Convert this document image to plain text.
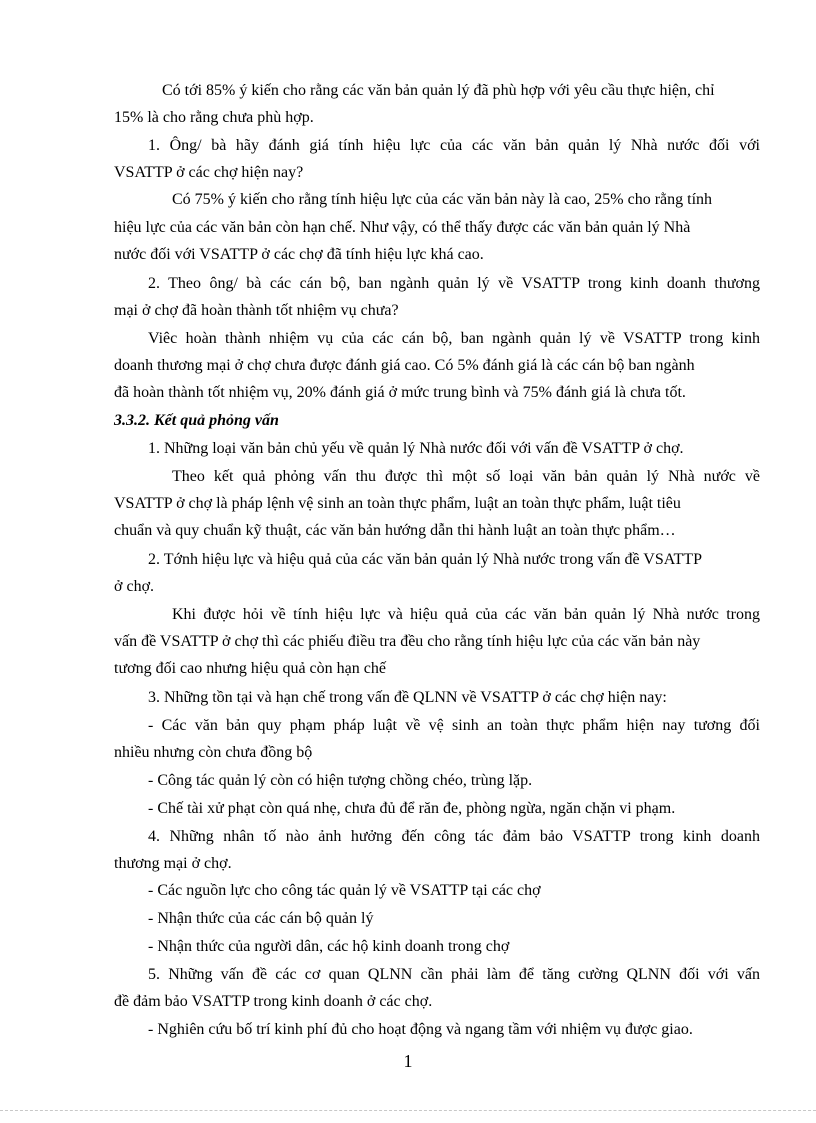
Có tới 85% ý kiến cho rằng các văn bản quản lý đã phù hợp với yêu cầu thực hiện, chỉ
15% là cho rằng chưa phù hợp.
1. Ông/ bà hãy đánh giá tính hiệu lực của các văn bản quản lý Nhà nước đối với
VSATTP ở các chợ hiện nay?
Có 75% ý kiến cho rằng tính hiệu lực của các văn bản này là cao, 25% cho rằng tính
hiệu lực của các văn bản còn hạn chế. Như vậy, có thể thấy được các văn bản quản lý Nhà
nước đối với VSATTP ở các chợ đã tính hiệu lực khá cao.
2. Theo ông/ bà các cán bộ, ban ngành quản lý về VSATTP trong kinh doanh thương
mại ở chợ đã hoàn thành tốt nhiệm vụ chưa?
Viêc hoàn thành nhiệm vụ của các cán bộ, ban ngành quản lý về VSATTP trong kinh
doanh thương mại ở chợ chưa được đánh giá cao. Có 5% đánh giá là các cán bộ ban ngành
đã hoàn thành tốt nhiệm vụ, 20% đánh giá ở mức trung bình và 75% đánh giá là chưa tốt.
3.3.2. Kết quả phỏng vấn
1. Những loại văn bản chủ yếu về quản lý Nhà nước đối với vấn đề VSATTP ở chợ.
Theo kết quả phỏng vấn thu được thì một số loại văn bản quản lý Nhà nước về
VSATTP ở chợ là pháp lệnh vệ sinh an toàn thực phẩm, luật an toàn thực phẩm, luật tiêu
chuẩn và quy chuẩn kỹ thuật, các văn bản hướng dẫn thi hành luật an toàn thực phẩm…
2. Tớnh hiệu lực và hiệu quả của các văn bản quản lý Nhà nước trong vấn đề VSATTP
ở chợ.
Khi được hỏi về tính hiệu lực và hiệu quả của các văn bản quản lý Nhà nước trong
vấn đề VSATTP ở chợ thì các phiếu điều tra đều cho rằng tính hiệu lực của các văn bản này
tương đối cao nhưng hiệu quả còn hạn chế
3. Những tồn tại và hạn chế trong vấn đề QLNN về VSATTP ở các chợ hiện nay:
- Các văn bản quy phạm pháp luật về vệ sinh an toàn thực phẩm hiện nay tương đối
nhiều nhưng còn chưa đồng bộ
- Công tác quản lý còn có hiện tượng chồng chéo, trùng lặp.
- Chế tài xử phạt còn quá nhẹ, chưa đủ để răn đe, phòng ngừa, ngăn chặn vi phạm.
4. Những nhân tố nào ảnh hưởng đến công tác đảm bảo VSATTP trong kinh doanh
thương mại ở chợ.
- Các nguồn lực cho công tác quản lý về VSATTP tại các chợ
- Nhận thức của các cán bộ quản lý
- Nhận thức của người dân, các hộ kinh doanh trong chợ
5. Những vấn đề các cơ quan QLNN cần phải làm để tăng cường QLNN đối với vấn
đề đảm bảo VSATTP trong kinh doanh ở các chợ.
- Nghiên cứu bố trí kinh phí đủ cho hoạt động và ngang tầm với nhiệm vụ được giao.
1
